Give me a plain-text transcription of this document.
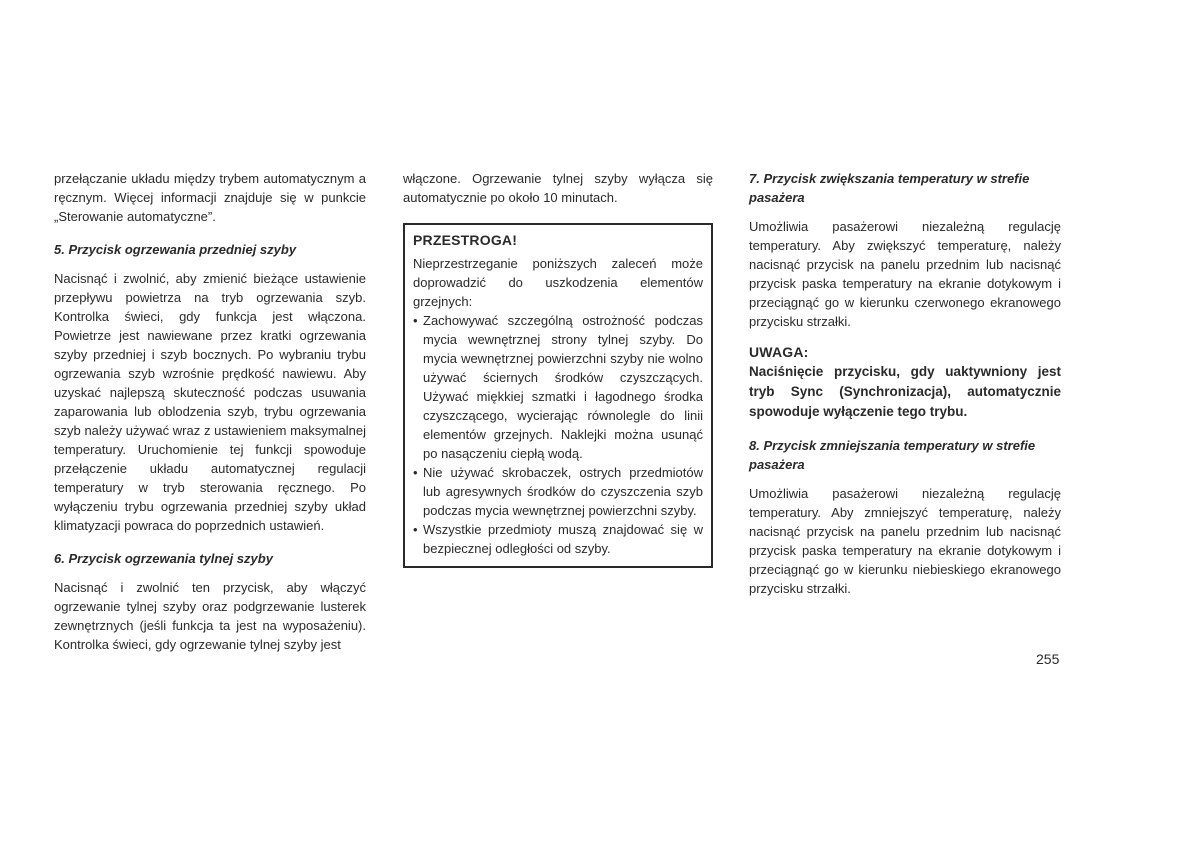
przełączanie układu między trybem automatycznym a ręcznym. Więcej informacji znajduje się w punkcie „Sterowanie automatyczne”.

5. Przycisk ogrzewania przedniej szyby

Nacisnąć i zwolnić, aby zmienić bieżące ustawienie przepływu powietrza na tryb ogrzewania szyb. Kontrolka świeci, gdy funkcja jest włączona. Powietrze jest nawiewane przez kratki ogrzewania szyby przedniej i szyb bocznych. Po wybraniu trybu ogrzewania szyb wzrośnie prędkość nawiewu. Aby uzyskać najlepszą skuteczność podczas usuwania zaparowania lub oblodzenia szyb, trybu ogrzewania szyb należy używać wraz z ustawieniem maksymalnej temperatury. Uruchomienie tej funkcji spowoduje przełączenie układu automatycznej regulacji temperatury w tryb sterowania ręcznego. Po wyłączeniu trybu ogrzewania przedniej szyby układ klimatyzacji powraca do poprzednich ustawień.

6. Przycisk ogrzewania tylnej szyby

Nacisnąć i zwolnić ten przycisk, aby włączyć ogrzewanie tylnej szyby oraz podgrzewanie lusterek zewnętrznych (jeśli funkcja ta jest na wyposażeniu). Kontrolka świeci, gdy ogrzewanie tylnej szyby jest

włączone. Ogrzewanie tylnej szyby wyłącza się automatycznie po około 10 minutach.

PRZESTROGA!

Nieprzestrzeganie poniższych zaleceń może doprowadzić do uszkodzenia elementów grzejnych:

• Zachowywać szczególną ostrożność podczas mycia wewnętrznej strony tylnej szyby. Do mycia wewnętrznej powierzchni szyby nie wolno używać ściernych środków czyszczących. Używać miękkiej szmatki i łagodnego środka czyszczącego, wycierając równolegle do linii elementów grzejnych. Naklejki można usunąć po nasączeniu ciepłą wodą.
• Nie używać skrobaczek, ostrych przedmiotów lub agresywnych środków do czyszczenia szyb podczas mycia wewnętrznej powierzchni szyby.
• Wszystkie przedmioty muszą znajdować się w bezpiecznej odległości od szyby.

7. Przycisk zwiększania temperatury w strefie pasażera

Umożliwia pasażerowi niezależną regulację temperatury. Aby zwiększyć temperaturę, należy nacisnąć przycisk na panelu przednim lub nacisnąć przycisk paska temperatury na ekranie dotykowym i przeciągnąć go w kierunku czerwonego ekranowego przycisku strzałki.

UWAGA:

Naciśnięcie przycisku, gdy uaktywniony jest tryb Sync (Synchronizacja), automatycznie spowoduje wyłączenie tego trybu.

8. Przycisk zmniejszania temperatury w strefie pasażera

Umożliwia pasażerowi niezależną regulację temperatury. Aby zmniejszyć temperaturę, należy nacisnąć przycisk na panelu przednim lub nacisnąć przycisk paska temperatury na ekranie dotykowym i przeciągnąć go w kierunku niebieskiego ekranowego przycisku strzałki.

255
